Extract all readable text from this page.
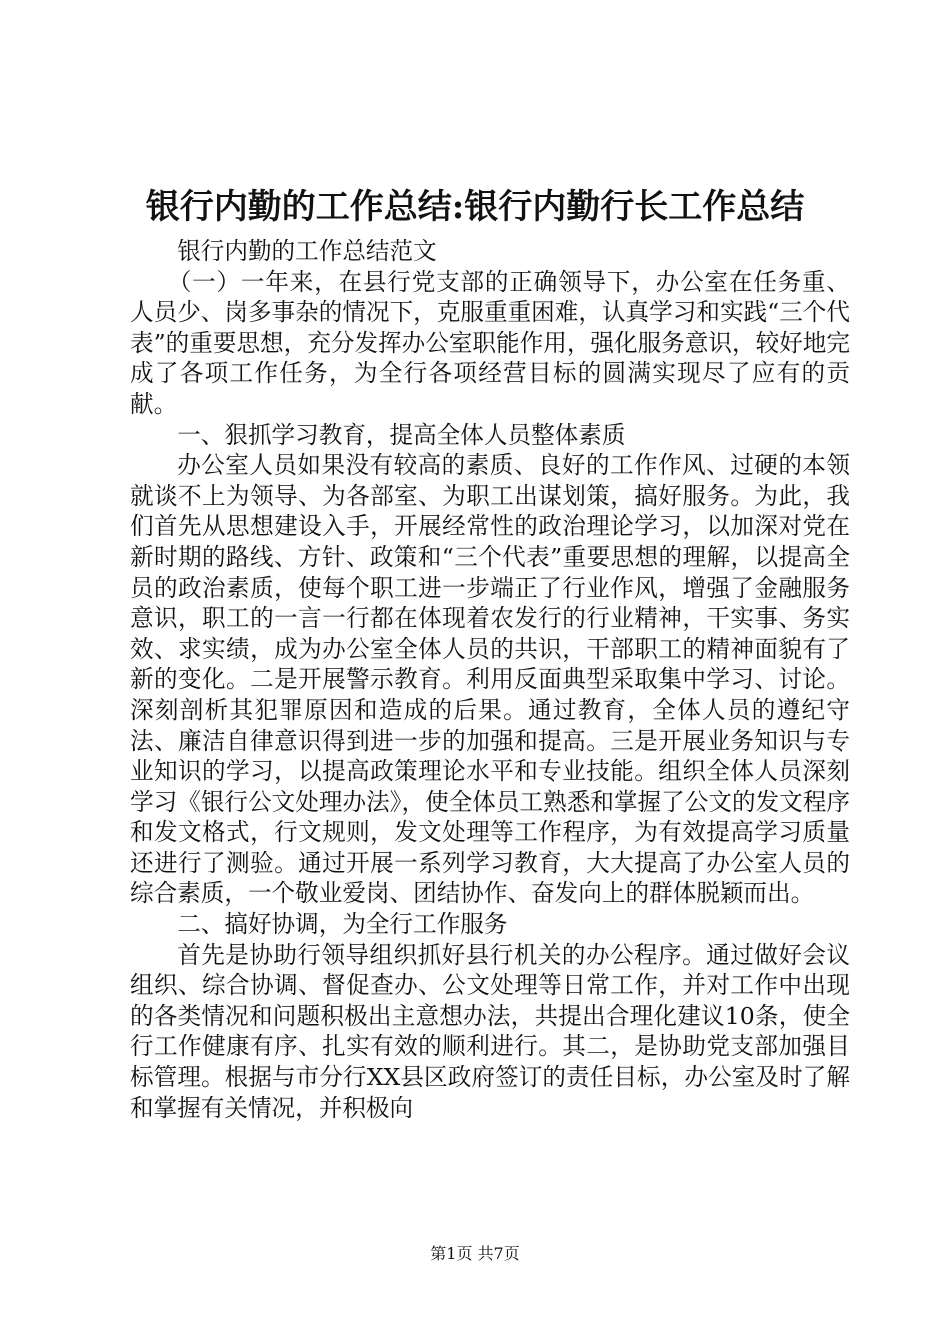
银行内勤的工作总结:银行内勤行长工作总结

银行内勤的工作总结范文

（一）一年来，在县行党支部的正确领导下，办公室在任务重、人员少、岗多事杂的情况下，克服重重困难，认真学习和实践“三个代表”的重要思想，充分发挥办公室职能作用，强化服务意识，较好地完成了各项工作任务，为全行各项经营目标的圆满实现尽了应有的贡献。

一、狠抓学习教育，提高全体人员整体素质

办公室人员如果没有较高的素质、良好的工作作风、过硬的本领就谈不上为领导、为各部室、为职工出谋划策，搞好服务。为此，我们首先从思想建设入手，开展经常性的政治理论学习，以加深对党在新时期的路线、方针、政策和“三个代表”重要思想的理解，以提高全员的政治素质，使每个职工进一步端正了行业作风，增强了金融服务意识，职工的一言一行都在体现着农发行的行业精神，干实事、务实效、求实绩，成为办公室全体人员的共识，干部职工的精神面貌有了新的变化。二是开展警示教育。利用反面典型采取集中学习、讨论。深刻剖析其犯罪原因和造成的后果。通过教育，全体人员的遵纪守法、廉洁自律意识得到进一步的加强和提高。三是开展业务知识与专业知识的学习，以提高政策理论水平和专业技能。组织全体人员深刻学习《银行公文处理办法》，使全体员工熟悉和掌握了公文的发文程序和发文格式，行文规则，发文处理等工作程序，为有效提高学习质量还进行了测验。通过开展一系列学习教育，大大提高了办公室人员的综合素质，一个敬业爱岗、团结协作、奋发向上的群体脱颖而出。

二、搞好协调，为全行工作服务

首先是协助行领导组织抓好县行机关的办公程序。通过做好会议组织、综合协调、督促查办、公文处理等日常工作，并对工作中出现的各类情况和问题积极出主意想办法，共提出合理化建议10条，使全行工作健康有序、扎实有效的顺利进行。其二，是协助党支部加强目标管理。根据与市分行XX县区政府签订的责任目标，办公室及时了解和掌握有关情况，并积极向

第1页 共7页
